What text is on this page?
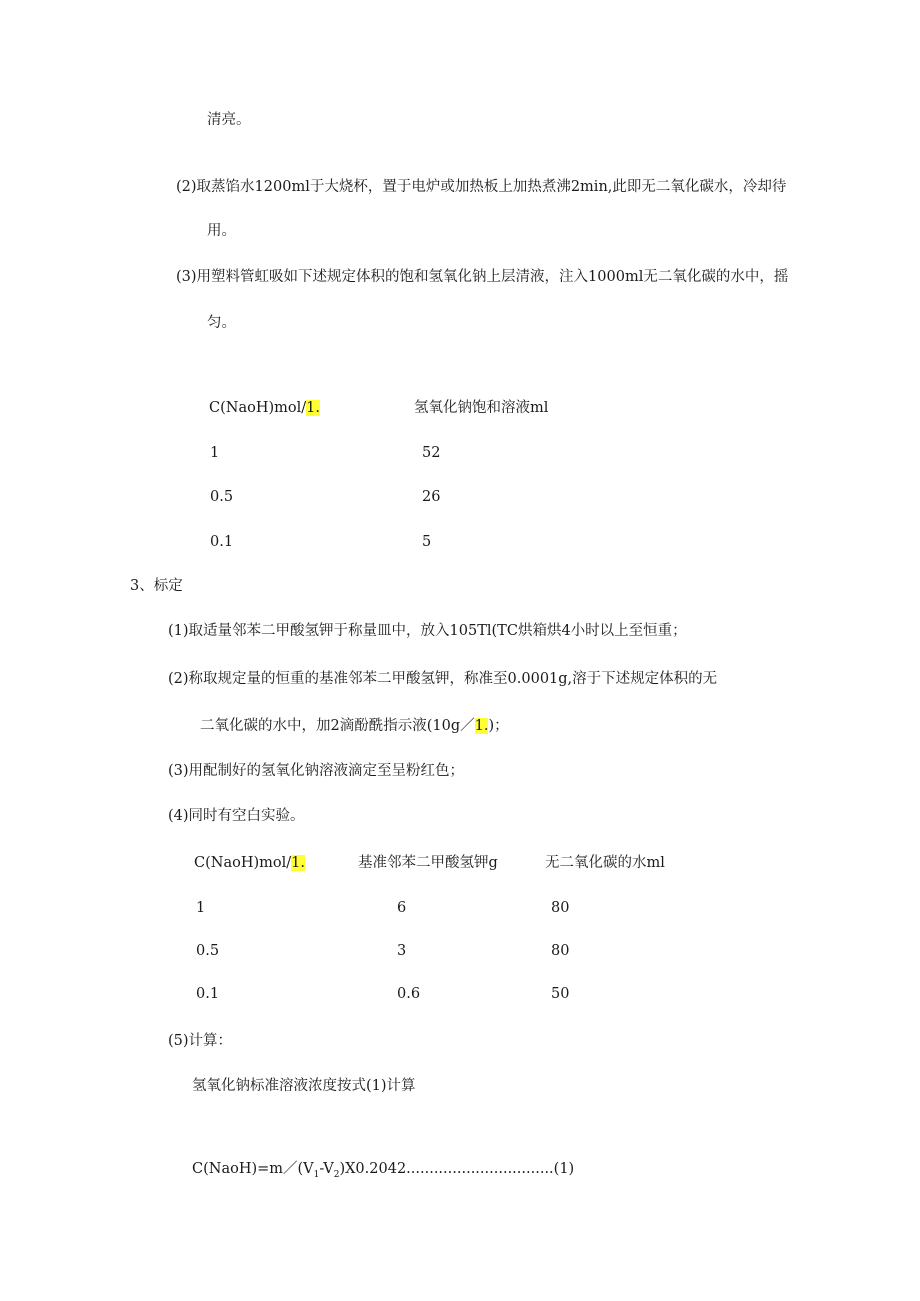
清亮。
(2)取蒸馅水1200ml于大烧杯，置于电炉或加热板上加热煮沸2min,此即无二氧化碳水，冷却待
用。
(3)用塑料管虹吸如下述规定体积的饱和氢氧化钠上层清液，注入1000ml无二氧化碳的水中，摇
匀。
C(NaoH)mol/1.	氢氧化钠饱和溶液ml
1	52
0.5	26
0.1	5
3、标定
(1)取适量邻苯二甲酸氢钾于称量皿中，放入105Tl(TC烘箱烘4小时以上至恒重；
(2)称取规定量的恒重的基准邻苯二甲酸氢钾，称准至0.0001g,溶于下述规定体积的无
二氧化碳的水中，加2滴酚酰指示液(10g／1.)；
(3)用配制好的氢氧化钠溶液滴定至呈粉红色；
(4)同时有空白实验。
C(NaoH)mol/1.	基准邻苯二甲酸氢钾g	无二氧化碳的水ml
1	6	80
0.5	3	80
0.1	0.6	50
(5)计算：
氢氧化钠标准溶液浓度按式(1)计算
$C(NaoH)=m/(V_1-V_2)X0.2042................................(1)$
